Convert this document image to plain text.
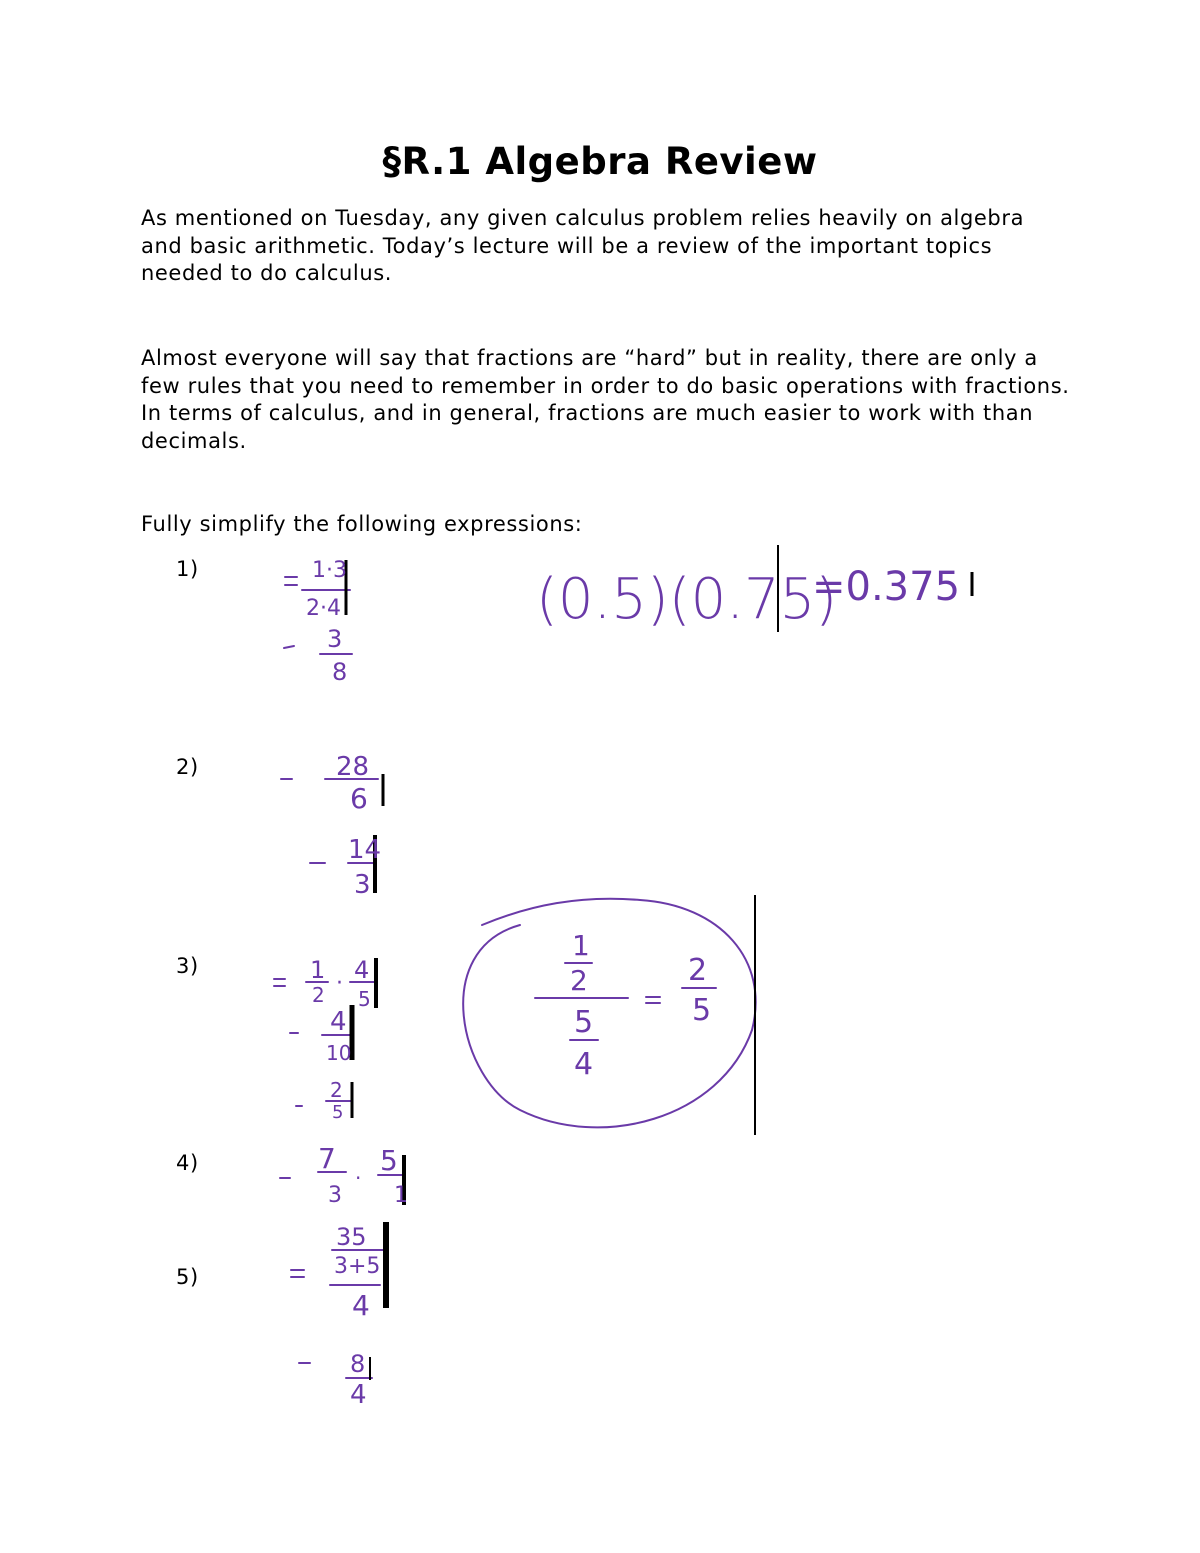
§R.1 Algebra Review

As mentioned on Tuesday, any given calculus problem relies heavily on algebra and basic arithmetic. Today’s lecture will be a review of the important topics needed to do calculus.

Almost everyone will say that fractions are “hard” but in reality, there are only a few rules that you need to remember in order to do basic operations with fractions. In terms of calculus, and in general, fractions are much easier to work with than decimals.

Fully simplify the following expressions:
1)
2)
3)
4)
5)
1·3
2·4
3
8
(0.5)(0.75)
=0.375
28
6
14
3
1
2 · 4
5
4
10
2
5
1
2
5
4
2
5
7
3
·
5
1
35
3+5
4
8
4
